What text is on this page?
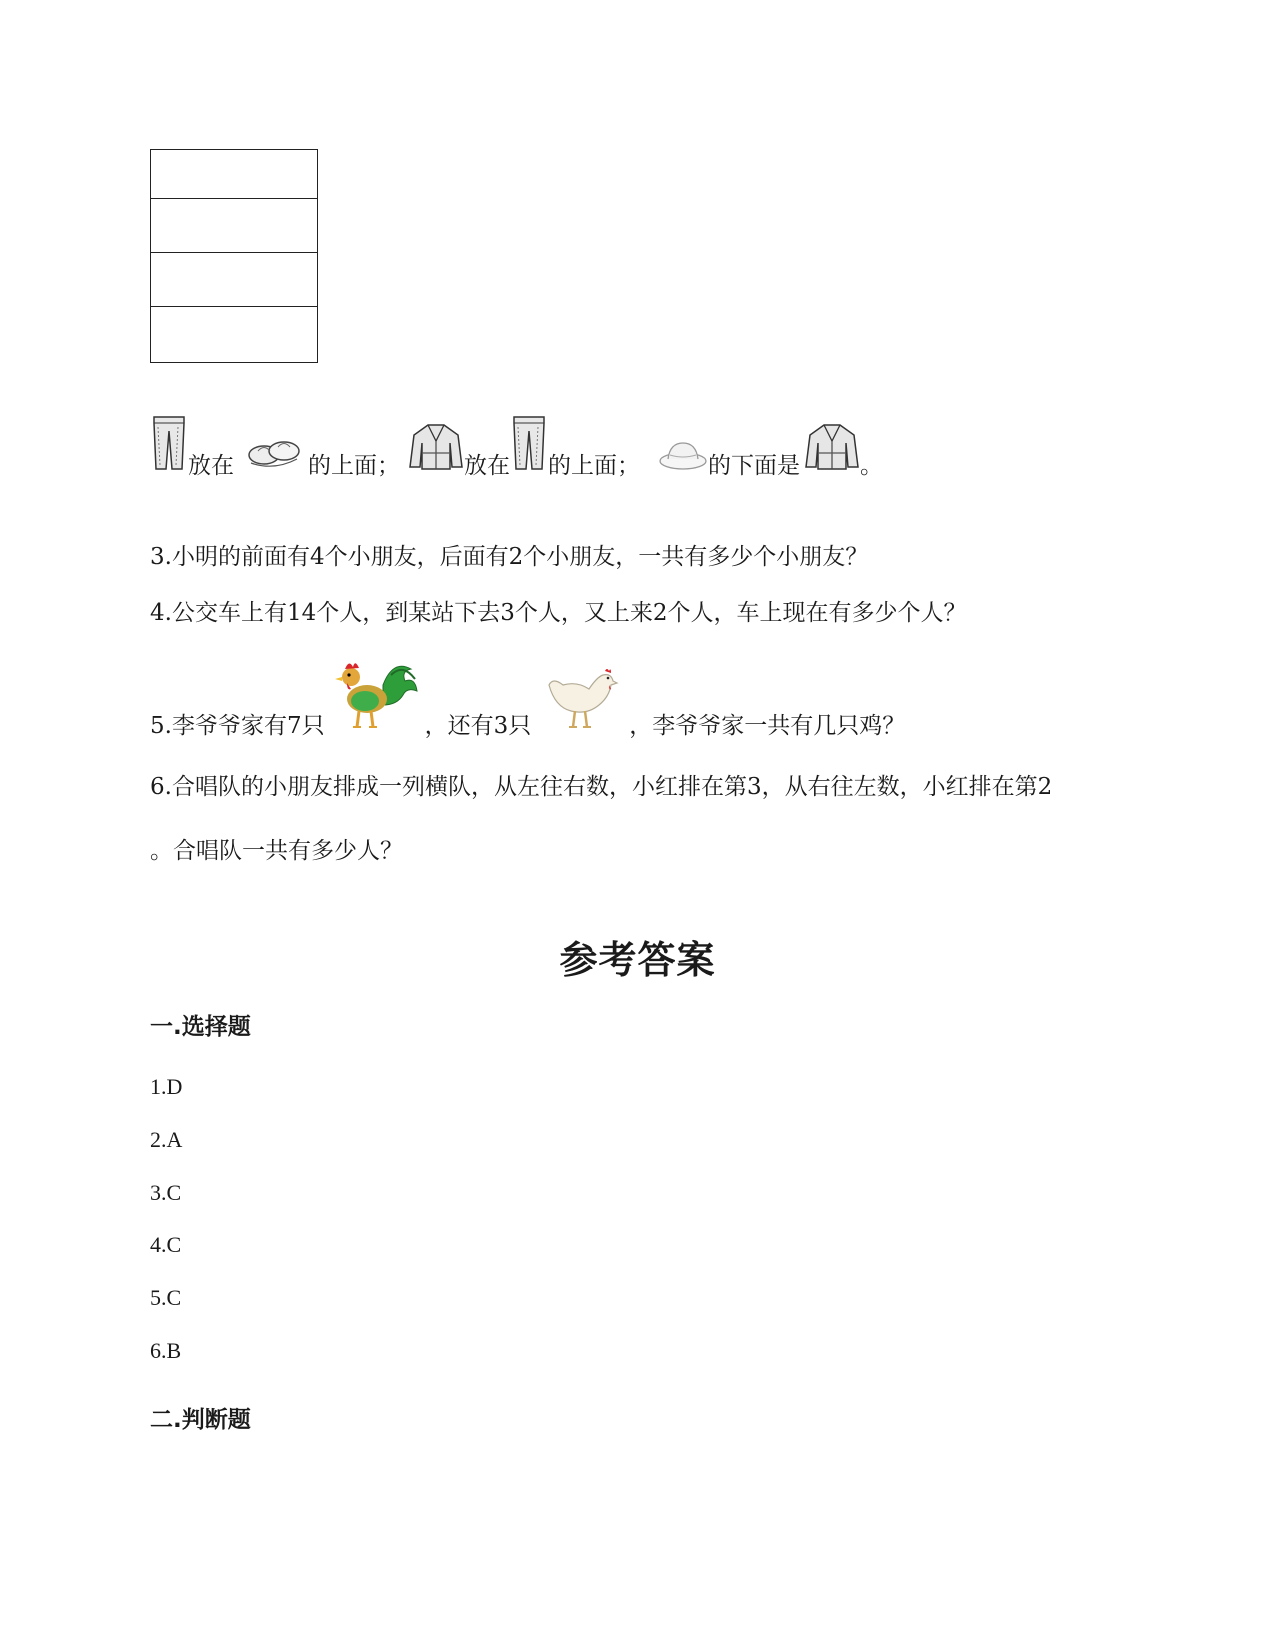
放在	的上面；	放在 的上面；	的下面是	。
3.小明的前面有4个小朋友，后面有2个小朋友，一共有多少个小朋友？
4.公交车上有14个人，到某站下去3个人，又上来2个人，车上现在有多少个人？
5.李爷爷家有7只	，还有3只	，李爷爷家一共有几只鸡？
6.合唱队的小朋友排成一列横队，从左往右数，小红排在第3，从右往左数，小红排在第2
。合唱队一共有多少人？
参考答案
一.选择题
1.D
2.A
3.C
4.C
5.C
6.B
二.判断题
